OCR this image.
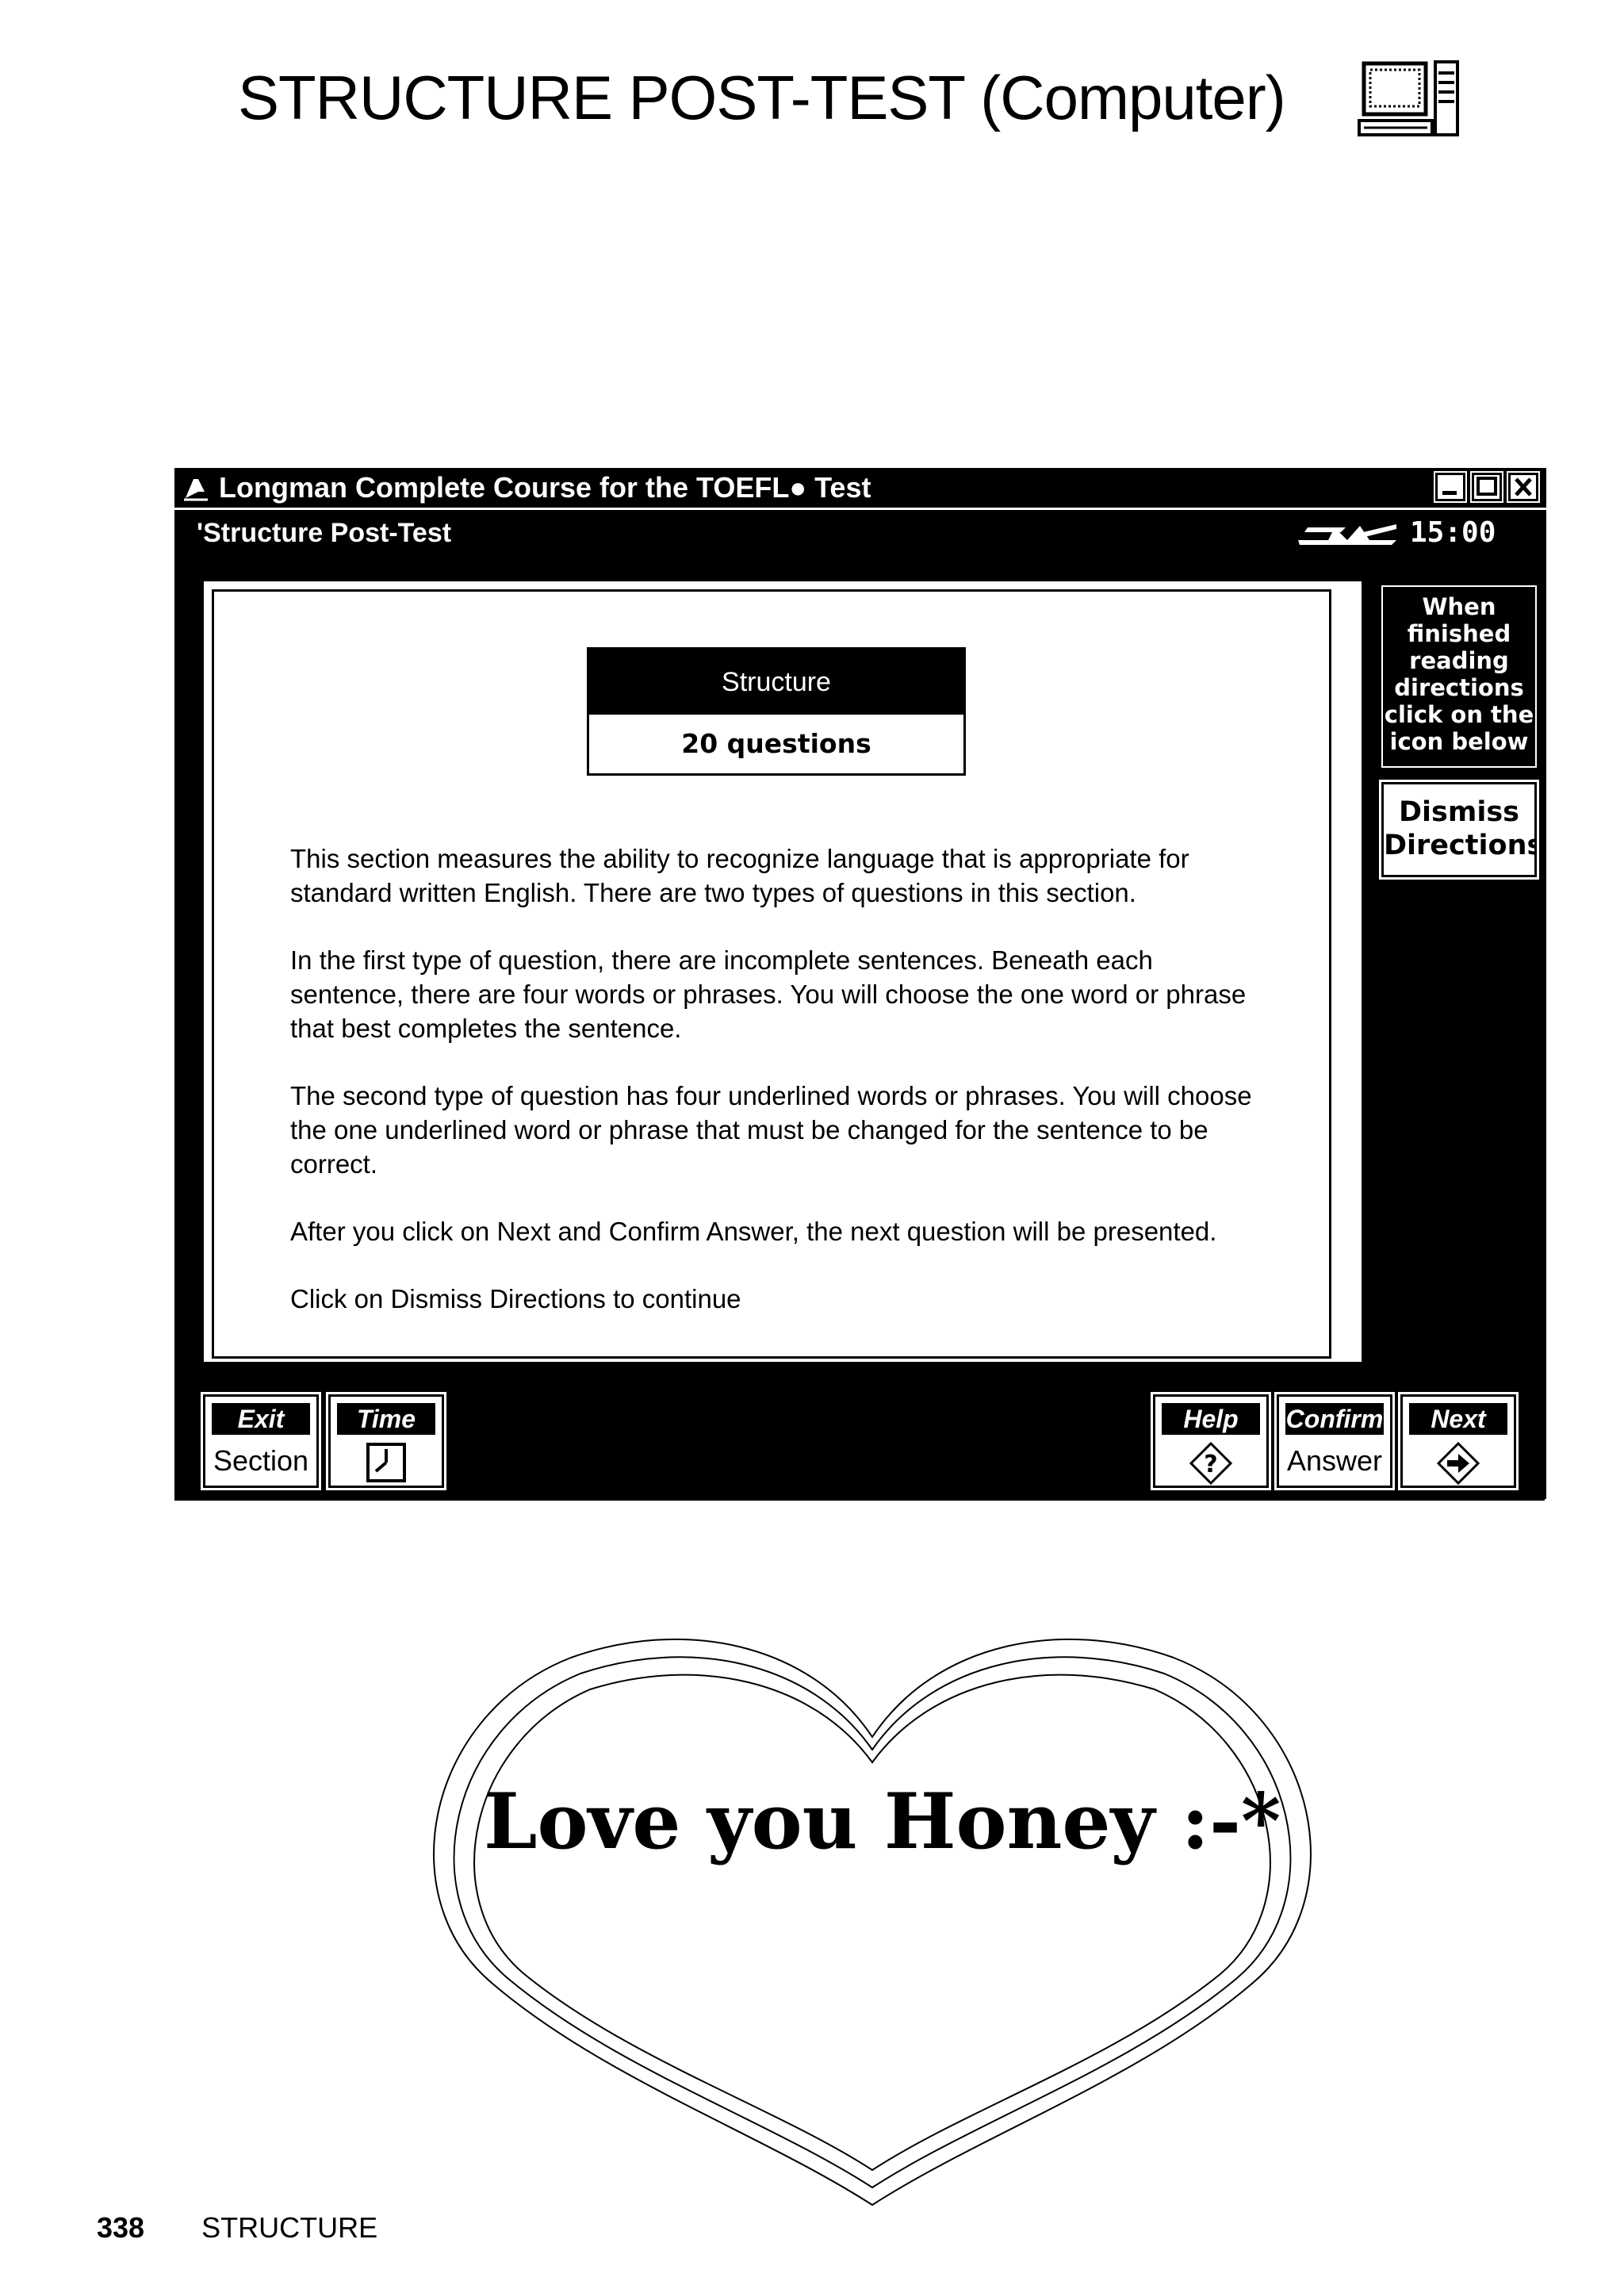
STRUCTURE POST-TEST (Computer)
Longman Complete Course for the TOEFL● Test
'Structure Post-Test	15:00
Structure
20 questions

This section measures the ability to recognize language that is appropriate for standard written English. There are two types of questions in this section.

In the first type of question, there are incomplete sentences. Beneath each sentence, there are four words or phrases. You will choose the one word or phrase that best completes the sentence.

The second type of question has four underlined words or phrases. You will choose the one underlined word or phrase that must be changed for the sentence to be correct.

After you click on Next and Confirm Answer, the next question will be presented.

Click on Dismiss Directions to continue

When finished reading directions click on the icon below
Dismiss Directions
Exit
Section
Time	Help
?
Confirm
Answer
Next
Love you Honey :-*
338 STRUCTURE
